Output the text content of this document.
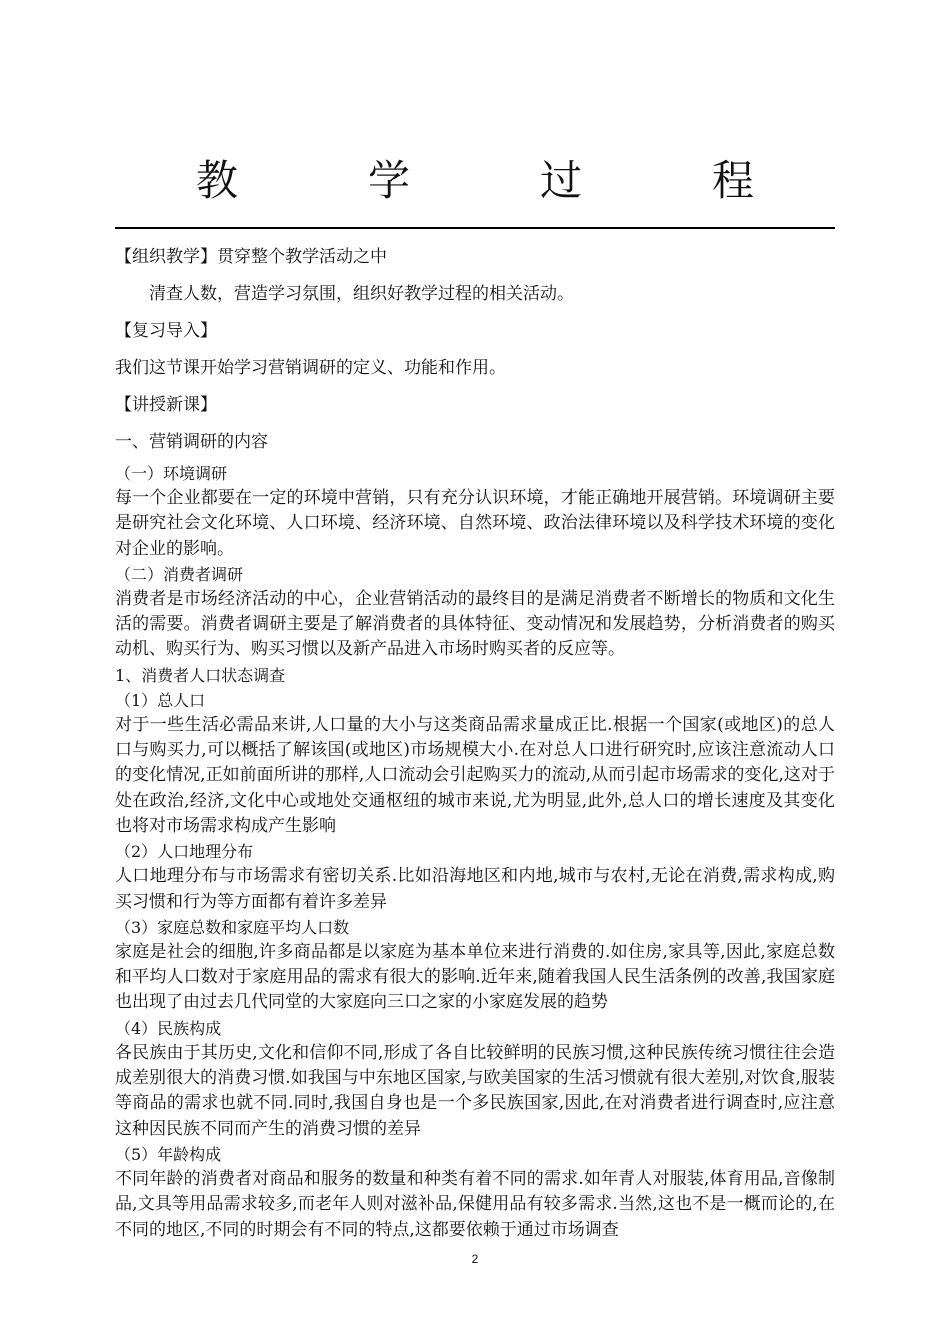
教　学　过　程
【组织教学】贯穿整个教学活动之中
清查人数，营造学习氛围，组织好教学过程的相关活动。
【复习导入】
我们这节课开始学习营销调研的定义、功能和作用。
【讲授新课】
一、营销调研的内容
（一）环境调研
每一个企业都要在一定的环境中营销，只有充分认识环境，才能正确地开展营销。环境调研主要是研究社会文化环境、人口环境、经济环境、自然环境、政治法律环境以及科学技术环境的变化对企业的影响。
（二）消费者调研
消费者是市场经济活动的中心，企业营销活动的最终目的是满足消费者不断增长的物质和文化生活的需要。消费者调研主要是了解消费者的具体特征、变动情况和发展趋势，分析消费者的购买动机、购买行为、购买习惯以及新产品进入市场时购买者的反应等。
1、消费者人口状态调查
（1）总人口
对于一些生活必需品来讲,人口量的大小与这类商品需求量成正比.根据一个国家(或地区)的总人口与购买力,可以概括了解该国(或地区)市场规模大小.在对总人口进行研究时,应该注意流动人口的变化情况,正如前面所讲的那样,人口流动会引起购买力的流动,从而引起市场需求的变化,这对于处在政治,经济,文化中心或地处交通枢纽的城市来说,尤为明显,此外,总人口的增长速度及其变化也将对市场需求构成产生影响
（2）人口地理分布
人口地理分布与市场需求有密切关系.比如沿海地区和内地,城市与农村,无论在消费,需求构成,购买习惯和行为等方面都有着许多差异
（3）家庭总数和家庭平均人口数
家庭是社会的细胞,许多商品都是以家庭为基本单位来进行消费的.如住房,家具等,因此,家庭总数和平均人口数对于家庭用品的需求有很大的影响.近年来,随着我国人民生活条例的改善,我国家庭也出现了由过去几代同堂的大家庭向三口之家的小家庭发展的趋势
（4）民族构成
各民族由于其历史,文化和信仰不同,形成了各自比较鲜明的民族习惯,这种民族传统习惯往往会造成差别很大的消费习惯.如我国与中东地区国家,与欧美国家的生活习惯就有很大差别,对饮食,服装等商品的需求也就不同.同时,我国自身也是一个多民族国家,因此,在对消费者进行调查时,应注意这种因民族不同而产生的消费习惯的差异
（5）年龄构成
不同年龄的消费者对商品和服务的数量和种类有着不同的需求.如年青人对服装,体育用品,音像制品,文具等用品需求较多,而老年人则对滋补品,保健用品有较多需求.当然,这也不是一概而论的,在不同的地区,不同的时期会有不同的特点,这都要依赖于通过市场调查
2
